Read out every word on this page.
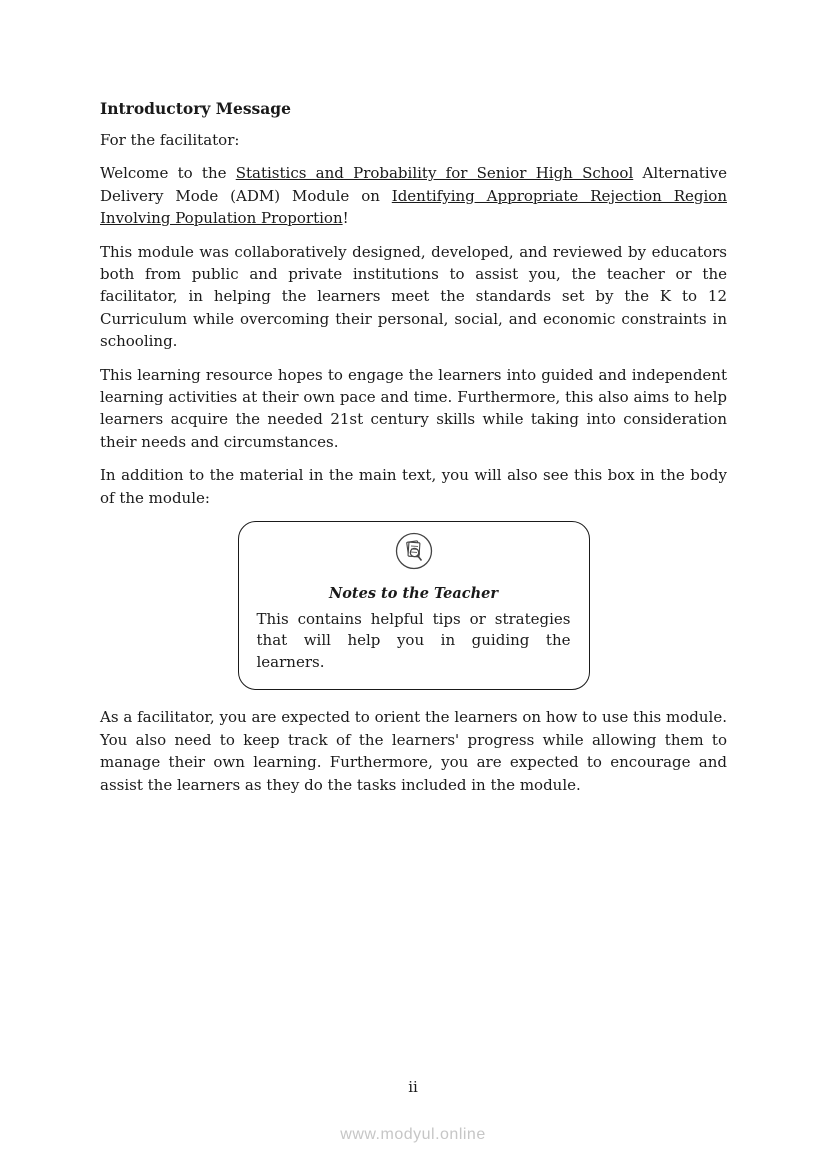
Introductory Message

For the facilitator:

Welcome to the Statistics and Probability for Senior High School Alternative Delivery Mode (ADM) Module on Identifying Appropriate Rejection Region Involving Population Proportion!

This module was collaboratively designed, developed, and reviewed by educators both from public and private institutions to assist you, the teacher or the facilitator, in helping the learners meet the standards set by the K to 12 Curriculum while overcoming their personal, social, and economic constraints in schooling.

This learning resource hopes to engage the learners into guided and independent learning activities at their own pace and time. Furthermore, this also aims to help learners acquire the needed 21st century skills while taking into consideration their needs and circumstances.

In addition to the material in the main text, you will also see this box in the body of the module:

Notes to the Teacher
This contains helpful tips or strategies that will help you in guiding the learners.

As a facilitator, you are expected to orient the learners on how to use this module. You also need to keep track of the learners' progress while allowing them to manage their own learning. Furthermore, you are expected to encourage and assist the learners as they do the tasks included in the module.

ii
www.modyul.online
